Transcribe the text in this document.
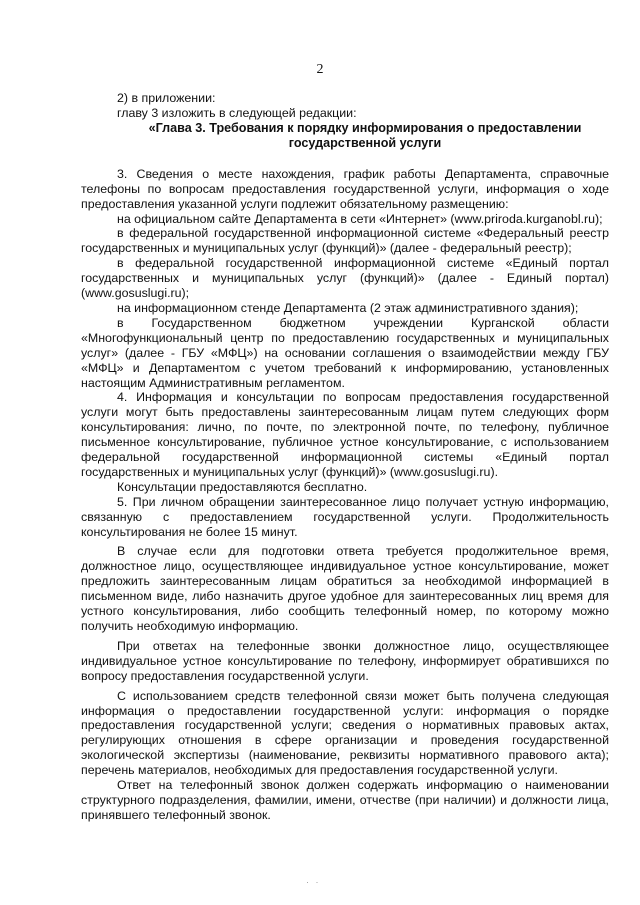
2

2) в приложении:

главу 3 изложить в следующей редакции:

«Глава 3. Требования к порядку информирования о предоставлении государственной услуги

3. Сведения о месте нахождения, график работы Департамента, справочные телефоны по вопросам предоставления государственной услуги, информация о ходе предоставления указанной услуги подлежит обязательному размещению:

на официальном сайте Департамента в сети «Интернет» (www.priroda.kurganobl.ru);

в федеральной государственной информационной системе «Федеральный реестр государственных и муниципальных услуг (функций)» (далее - федеральный реестр);

в федеральной государственной информационной системе «Единый портал государственных и муниципальных услуг (функций)» (далее - Единый портал) (www.gosuslugi.ru);

на информационном стенде Департамента (2 этаж административного здания);

в Государственном бюджетном учреждении Курганской области «Многофункциональный центр по предоставлению государственных и муниципальных услуг» (далее - ГБУ «МФЦ») на основании соглашения о взаимодействии между ГБУ «МФЦ» и Департаментом с учетом требований к информированию, установленных настоящим Административным регламентом.

4. Информация и консультации по вопросам предоставления государственной услуги могут быть предоставлены заинтересованным лицам путем следующих форм консультирования: лично, по почте, по электронной почте, по телефону, публичное письменное консультирование, публичное устное консультирование, с использованием федеральной государственной информационной системы «Единый портал государственных и муниципальных услуг (функций)» (www.gosuslugi.ru).

Консультации предоставляются бесплатно.

5. При личном обращении заинтересованное лицо получает устную информацию, связанную с предоставлением государственной услуги. Продолжительность консультирования не более 15 минут.

В случае если для подготовки ответа требуется продолжительное время, должностное лицо, осуществляющее индивидуальное устное консультирование, может предложить заинтересованным лицам обратиться за необходимой информацией в письменном виде, либо назначить другое удобное для заинтересованных лиц время для устного консультирования, либо сообщить телефонный номер, по которому можно получить необходимую информацию.

При ответах на телефонные звонки должностное лицо, осуществляющее индивидуальное устное консультирование по телефону, информирует обратившихся по вопросу предоставления государственной услуги.

С использованием средств телефонной связи может быть получена следующая информация о предоставлении государственной услуги: информация о порядке предоставления государственной услуги; сведения о нормативных правовых актах, регулирующих отношения в сфере организации и проведения государственной экологической экспертизы (наименование, реквизиты нормативного правового акта); перечень материалов, необходимых для предоставления государственной услуги.

Ответ на телефонный звонок должен содержать информацию о наименовании структурного подразделения, фамилии, имени, отчестве (при наличии) и должности лица, принявшего телефонный звонок.

· ·
